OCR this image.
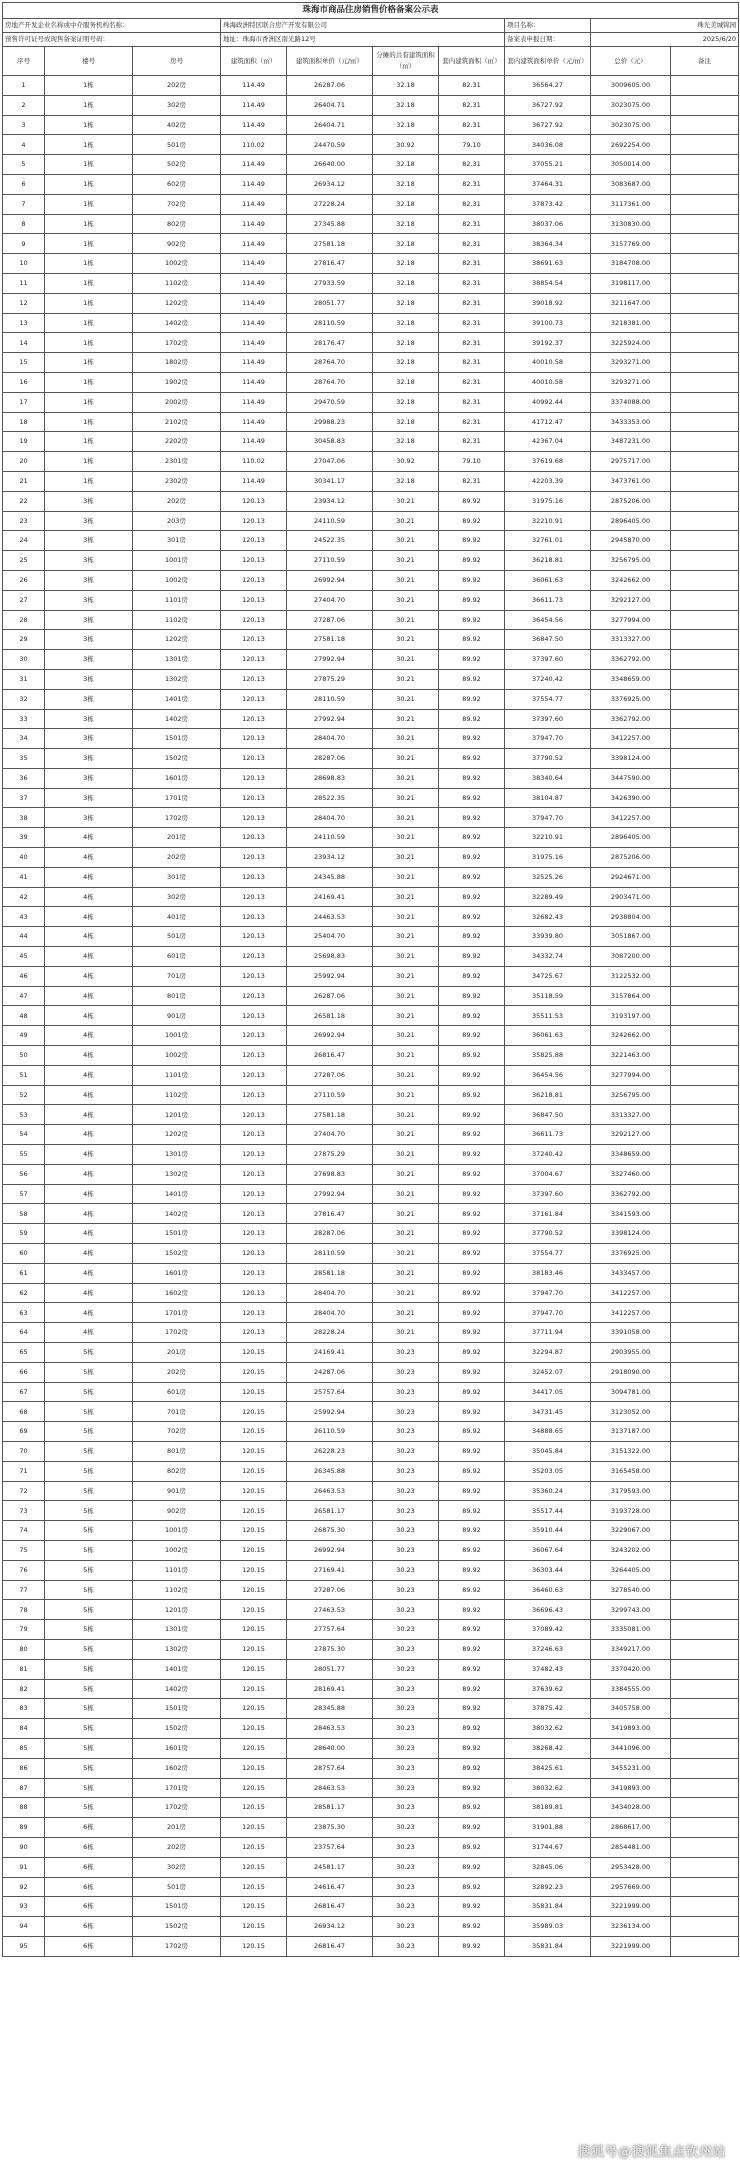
珠海市商品住房销售价格备案公示表									
房地产开发企业名称或中介服务机构名称：			珠海政洲特区联合房产开发有限公司				项目名称：	珠光美城锦园	
预售许可证号或现售备案证明号码：			地址：珠海市香洲区南光路12号				备案表申报日期：	2025/6/20	
序号	楼号	房号	建筑面积（㎡）	建筑面积单价（元/㎡）	分摊的共有建筑面积（㎡）	套内建筑面积（㎡）	套内建筑面积单价（元/㎡）	总价（元）	备注
1	1栋	202房	114.49	26287.06	32.18	82.31	36564.27	3009605.00	
2	1栋	302房	114.49	26404.71	32.18	82.31	36727.92	3023075.00	
3	1栋	402房	114.49	26404.71	32.18	82.31	36727.92	3023075.00	
4	1栋	501房	110.02	24470.59	30.92	79.10	34036.08	2692254.00	
5	1栋	502房	114.49	26640.00	32.18	82.31	37055.21	3050014.00	
6	1栋	602房	114.49	26934.12	32.18	82.31	37464.31	3083687.00	
7	1栋	702房	114.49	27228.24	32.18	82.31	37873.42	3117361.00	
8	1栋	802房	114.49	27345.88	32.18	82.31	38037.06	3130830.00	
9	1栋	902房	114.49	27581.18	32.18	82.31	38364.34	3157769.00	
10	1栋	1002房	114.49	27816.47	32.18	82.31	38691.63	3184708.00	
11	1栋	1102房	114.49	27933.59	32.18	82.31	38854.54	3198117.00	
12	1栋	1202房	114.49	28051.77	32.18	82.31	39018.92	3211647.00	
13	1栋	1402房	114.49	28110.59	32.18	82.31	39100.73	3218381.00	
14	1栋	1702房	114.49	28176.47	32.18	82.31	39192.37	3225924.00	
15	1栋	1802房	114.49	28764.70	32.18	82.31	40010.58	3293271.00	
16	1栋	1902房	114.49	28764.70	32.18	82.31	40010.58	3293271.00	
17	1栋	2002房	114.49	29470.59	32.18	82.31	40992.44	3374088.00	
18	1栋	2102房	114.49	29988.23	32.18	82.31	41712.47	3433353.00	
19	1栋	2202房	114.49	30458.83	32.18	82.31	42367.04	3487231.00	
20	1栋	2301房	110.02	27047.06	30.92	79.10	37619.68	2975717.00	
21	1栋	2302房	114.49	30341.17	32.18	82.31	42203.39	3473761.00	
22	3栋	202房	120.13	23934.12	30.21	89.92	31975.16	2875206.00	
23	3栋	203房	120.13	24110.59	30.21	89.92	32210.91	2896405.00	
24	3栋	301房	120.13	24522.35	30.21	89.92	32761.01	2945870.00	
25	3栋	1001房	120.13	27110.59	30.21	89.92	36218.81	3256795.00	
26	3栋	1002房	120.13	26992.94	30.21	89.92	36061.63	3242662.00	
27	3栋	1101房	120.13	27404.70	30.21	89.92	36611.73	3292127.00	
28	3栋	1102房	120.13	27287.06	30.21	89.92	36454.56	3277994.00	
29	3栋	1202房	120.13	27581.18	30.21	89.92	36847.50	3313327.00	
30	3栋	1301房	120.13	27992.94	30.21	89.92	37397.60	3362792.00	
31	3栋	1302房	120.13	27875.29	30.21	89.92	37240.42	3348659.00	
32	3栋	1401房	120.13	28110.59	30.21	89.92	37554.77	3376925.00	
33	3栋	1402房	120.13	27992.94	30.21	89.92	37397.60	3362792.00	
34	3栋	1501房	120.13	28404.70	30.21	89.92	37947.70	3412257.00	
35	3栋	1502房	120.13	28287.06	30.21	89.92	37790.52	3398124.00	
36	3栋	1601房	120.13	28698.83	30.21	89.92	38340.64	3447590.00	
37	3栋	1701房	120.13	28522.35	30.21	89.92	38104.87	3426390.00	
38	3栋	1702房	120.13	28404.70	30.21	89.92	37947.70	3412257.00	
39	4栋	201房	120.13	24110.59	30.21	89.92	32210.91	2896405.00	
40	4栋	202房	120.13	23934.12	30.21	89.92	31975.16	2875206.00	
41	4栋	301房	120.13	24345.88	30.21	89.92	32525.26	2924671.00	
42	4栋	302房	120.13	24169.41	30.21	89.92	32289.49	2903471.00	
43	4栋	401房	120.13	24463.53	30.21	89.92	32682.43	2938804.00	
44	4栋	501房	120.13	25404.70	30.21	89.92	33939.80	3051867.00	
45	4栋	601房	120.13	25698.83	30.21	89.92	34332.74	3087200.00	
46	4栋	701房	120.13	25992.94	30.21	89.92	34725.67	3122532.00	
47	4栋	801房	120.13	26287.06	30.21	89.92	35118.59	3157864.00	
48	4栋	901房	120.13	26581.18	30.21	89.92	35511.53	3193197.00	
49	4栋	1001房	120.13	26992.94	30.21	89.92	36061.63	3242662.00	
50	4栋	1002房	120.13	26816.47	30.21	89.92	35825.88	3221463.00	
51	4栋	1101房	120.13	27287.06	30.21	89.92	36454.56	3277994.00	
52	4栋	1102房	120.13	27110.59	30.21	89.92	36218.81	3256795.00	
53	4栋	1201房	120.13	27581.18	30.21	89.92	36847.50	3313327.00	
54	4栋	1202房	120.13	27404.70	30.21	89.92	36611.73	3292127.00	
55	4栋	1301房	120.13	27875.29	30.21	89.92	37240.42	3348659.00	
56	4栋	1302房	120.13	27698.83	30.21	89.92	37004.67	3327460.00	
57	4栋	1401房	120.13	27992.94	30.21	89.92	37397.60	3362792.00	
58	4栋	1402房	120.13	27816.47	30.21	89.92	37161.84	3341593.00	
59	4栋	1501房	120.13	28287.06	30.21	89.92	37790.52	3398124.00	
60	4栋	1502房	120.13	28110.59	30.21	89.92	37554.77	3376925.00	
61	4栋	1601房	120.13	28581.18	30.21	89.92	38183.46	3433457.00	
62	4栋	1602房	120.13	28404.70	30.21	89.92	37947.70	3412257.00	
63	4栋	1701房	120.13	28404.70	30.21	89.92	37947.70	3412257.00	
64	4栋	1702房	120.13	28228.24	30.21	89.92	37711.94	3391058.00	
65	5栋	201房	120.15	24169.41	30.23	89.92	32294.87	2903955.00	
66	5栋	202房	120.15	24287.06	30.23	89.92	32452.07	2918090.00	
67	5栋	601房	120.15	25757.64	30.23	89.92	34417.05	3094781.00	
68	5栋	701房	120.15	25992.94	30.23	89.92	34731.45	3123052.00	
69	5栋	702房	120.15	26110.59	30.23	89.92	34888.65	3137187.00	
70	5栋	801房	120.15	26228.23	30.23	89.92	35045.84	3151322.00	
71	5栋	802房	120.15	26345.88	30.23	89.92	35203.05	3165458.00	
72	5栋	901房	120.15	26463.53	30.23	89.92	35360.24	3179593.00	
73	5栋	902房	120.15	26581.17	30.23	89.92	35517.44	3193728.00	
74	5栋	1001房	120.15	26875.30	30.23	89.92	35910.44	3229067.00	
75	5栋	1002房	120.15	26992.94	30.23	89.92	36067.64	3243202.00	
76	5栋	1101房	120.15	27169.41	30.23	89.92	36303.44	3264405.00	
77	5栋	1102房	120.15	27287.06	30.23	89.92	36460.63	3278540.00	
78	5栋	1201房	120.15	27463.53	30.23	89.92	36696.43	3299743.00	
79	5栋	1301房	120.15	27757.64	30.23	89.92	37089.42	3335081.00	
80	5栋	1302房	120.15	27875.30	30.23	89.92	37246.63	3349217.00	
81	5栋	1401房	120.15	28051.77	30.23	89.92	37482.43	3370420.00	
82	5栋	1402房	120.15	28169.41	30.23	89.92	37639.62	3384555.00	
83	5栋	1501房	120.15	28345.88	30.23	89.92	37875.42	3405758.00	
84	5栋	1502房	120.15	28463.53	30.23	89.92	38032.62	3419893.00	
85	5栋	1601房	120.15	28640.00	30.23	89.92	38268.42	3441096.00	
86	5栋	1602房	120.15	28757.64	30.23	89.92	38425.61	3455231.00	
87	5栋	1701房	120.15	28463.53	30.23	89.92	38032.62	3419893.00	
88	5栋	1702房	120.15	28581.17	30.23	89.92	38189.81	3434028.00	
89	6栋	201房	120.15	23875.30	30.23	89.92	31901.88	2868617.00	
90	6栋	202房	120.15	23757.64	30.23	89.92	31744.67	2854481.00	
91	6栋	302房	120.15	24581.17	30.23	89.92	32845.06	2953428.00	
92	6栋	501房	120.15	24616.47	30.23	89.92	32892.23	2957669.00	
93	6栋	1501房	120.15	26816.47	30.23	89.92	35831.84	3221999.00	
94	6栋	1502房	120.15	26934.12	30.23	89.92	35989.03	3236134.00	
95	6栋	1702房	120.15	26816.47	30.23	89.92	35831.84	3221999.00	
搜狐号@搜狐焦点钦州站
